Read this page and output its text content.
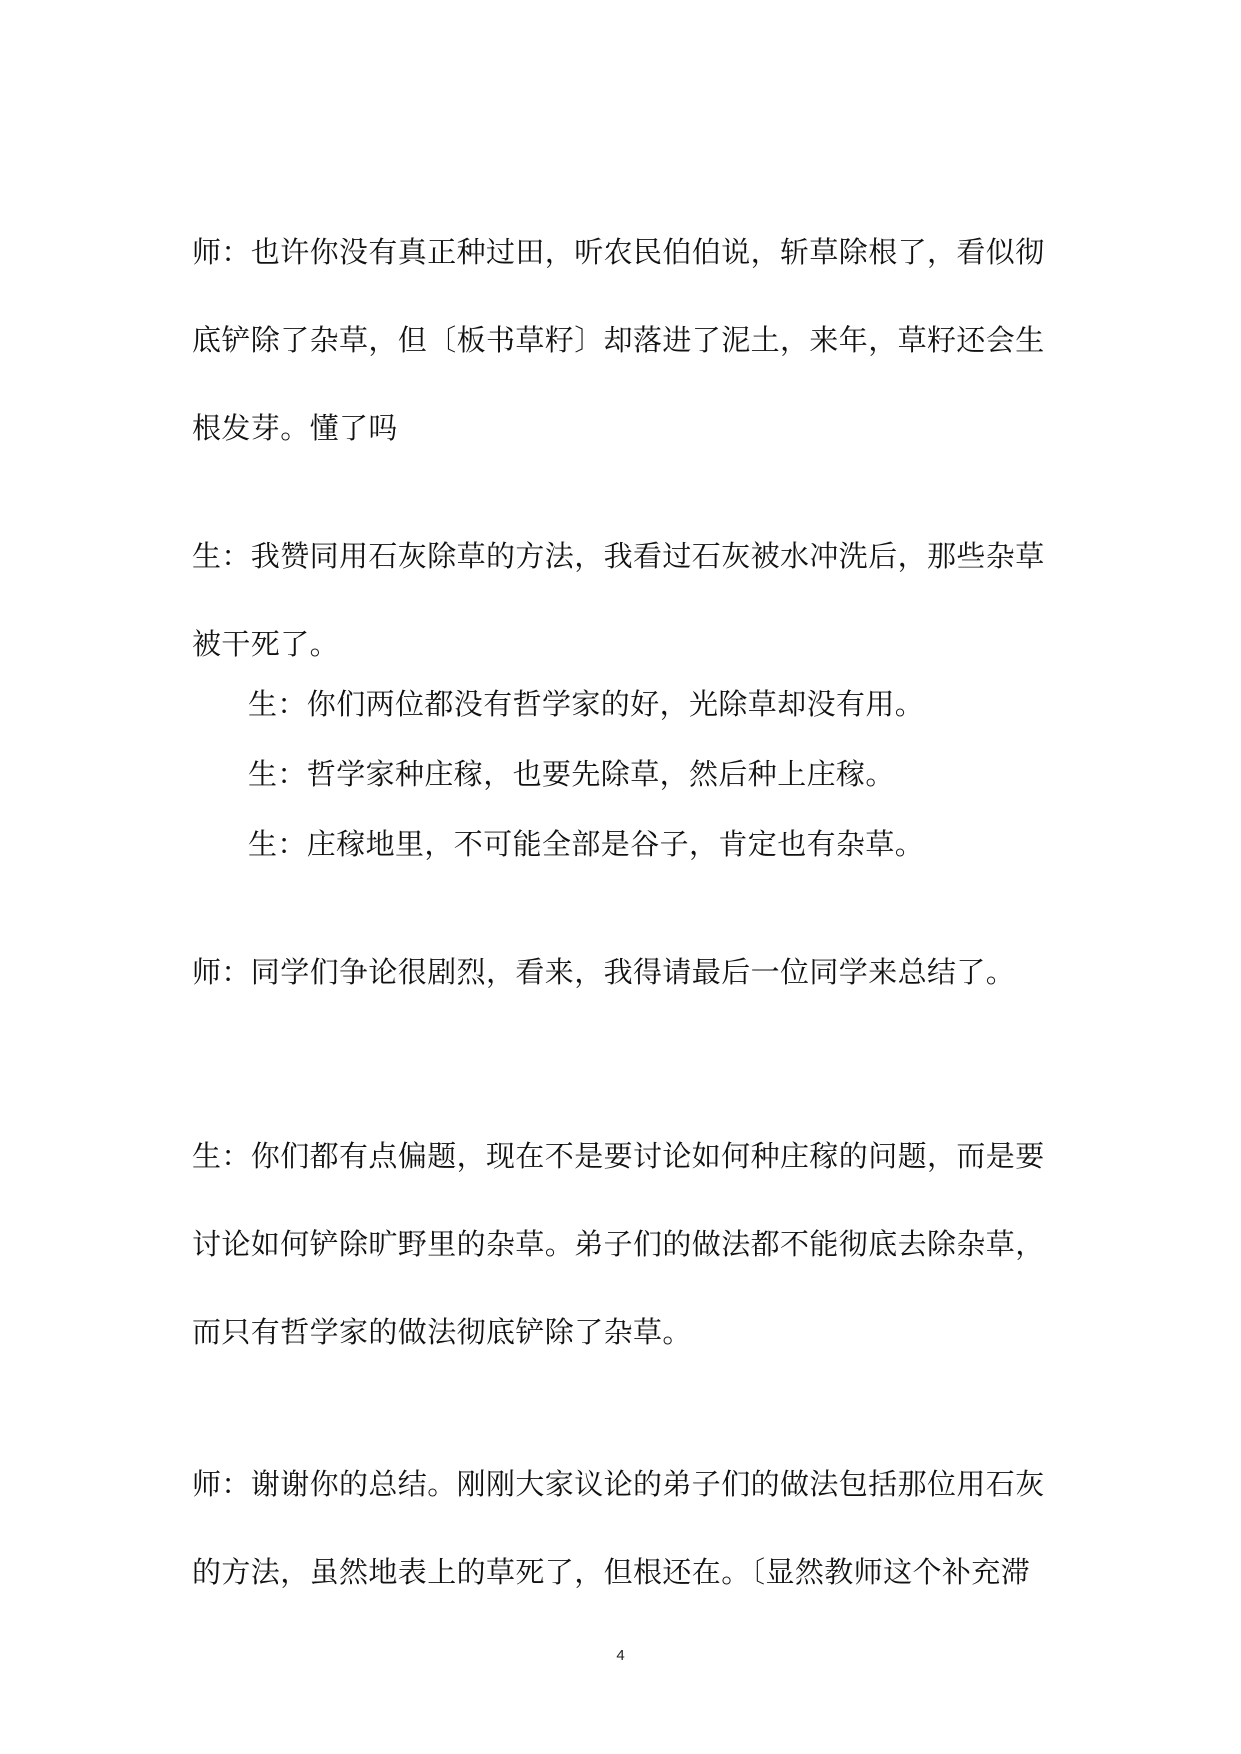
师：也许你没有真正种过田，听农民伯伯说，斩草除根了，看似彻底铲除了杂草，但〔板书草籽〕却落进了泥土，来年，草籽还会生根发芽。懂了吗

生：我赞同用石灰除草的方法，我看过石灰被水冲洗后，那些杂草被干死了。

生：你们两位都没有哲学家的好，光除草却没有用。

生：哲学家种庄稼，也要先除草，然后种上庄稼。

生：庄稼地里，不可能全部是谷子，肯定也有杂草。

师：同学们争论很剧烈，看来，我得请最后一位同学来总结了。

生：你们都有点偏题，现在不是要讨论如何种庄稼的问题，而是要讨论如何铲除旷野里的杂草。弟子们的做法都不能彻底去除杂草，而只有哲学家的做法彻底铲除了杂草。

师：谢谢你的总结。刚刚大家议论的弟子们的做法包括那位用石灰的方法，虽然地表上的草死了，但根还在。〔显然教师这个补充滞

4
